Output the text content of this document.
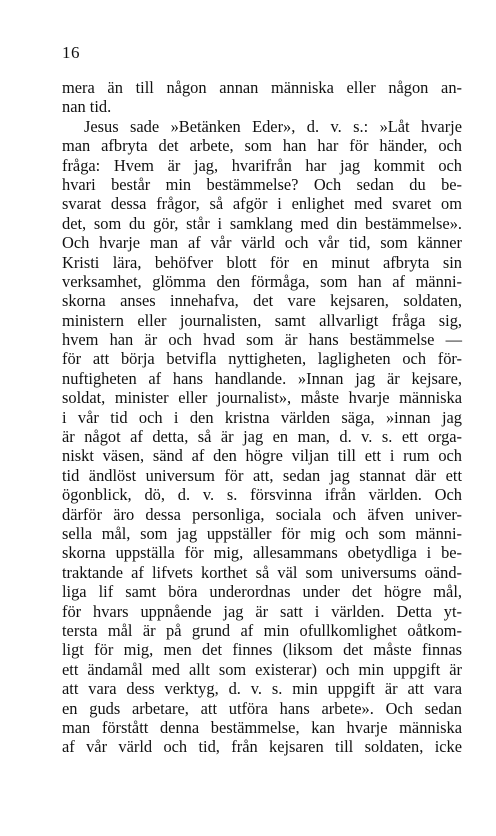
16
mera än till någon annan människa eller någon an-
nan tid.
Jesus sade »Betänken Eder», d. v. s.: »Låt hvarje
man afbryta det arbete, som han har för händer, och
fråga: Hvem är jag, hvarifrån har jag kommit och
hvari består min bestämmelse? Och sedan du be-
svarat dessa frågor, så afgör i enlighet med svaret om
det, som du gör, står i samklang med din bestämmelse».
Och hvarje man af vår värld och vår tid, som känner
Kristi lära, behöfver blott för en minut afbryta sin
verksamhet, glömma den förmåga, som han af männi-
skorna anses innehafva, det vare kejsaren, soldaten,
ministern eller journalisten, samt allvarligt fråga sig,
hvem han är och hvad som är hans bestämmelse —
för att börja betvifla nyttigheten, lagligheten och för-
nuftigheten af hans handlande. »Innan jag är kejsare,
soldat, minister eller journalist», måste hvarje människa
i vår tid och i den kristna världen säga, »innan jag
är något af detta, så är jag en man, d. v. s. ett orga-
niskt väsen, sänd af den högre viljan till ett i rum och
tid ändlöst universum för att, sedan jag stannat där ett
ögonblick, dö, d. v. s. försvinna ifrån världen. Och
därför äro dessa personliga, sociala och äfven univer-
sella mål, som jag uppställer för mig och som männi-
skorna uppställa för mig, allesammans obetydliga i be-
traktande af lifvets korthet så väl som universums oänd-
liga lif samt böra underordnas under det högre mål,
för hvars uppnående jag är satt i världen. Detta yt-
tersta mål är på grund af min ofullkomlighet oåtkom-
ligt för mig, men det finnes (liksom det måste finnas
ett ändamål med allt som existerar) och min uppgift är
att vara dess verktyg, d. v. s. min uppgift är att vara
en guds arbetare, att utföra hans arbete». Och sedan
man förstått denna bestämmelse, kan hvarje människa
af vår värld och tid, från kejsaren till soldaten, icke
